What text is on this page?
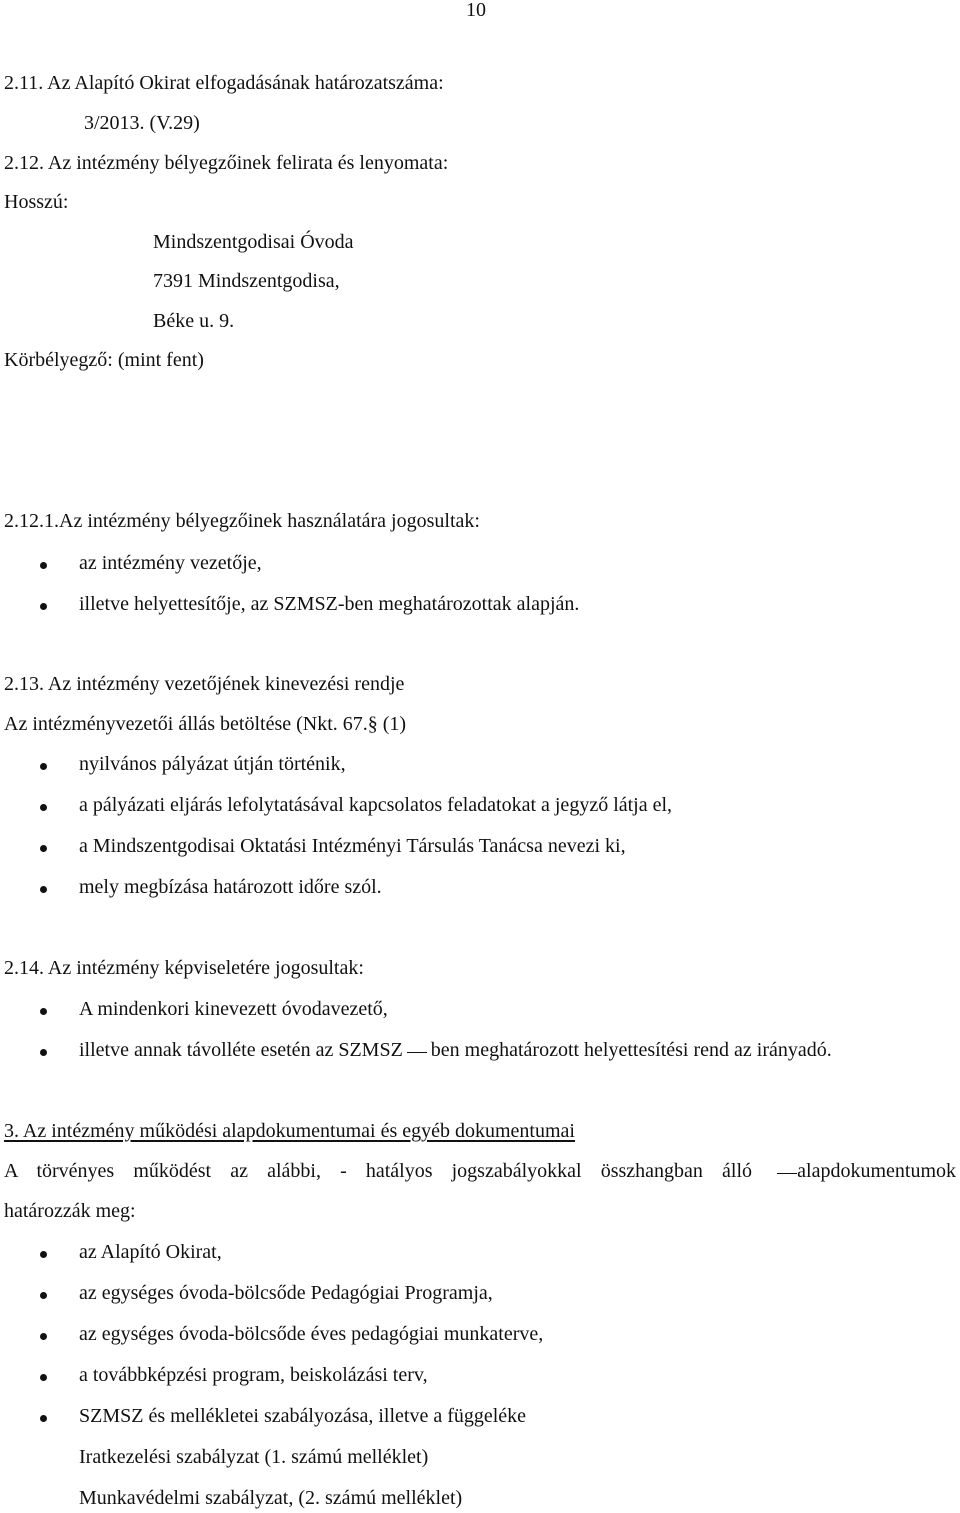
10
2.11. Az Alapító Okirat elfogadásának határozatszáma:
3/2013. (V.29)
2.12. Az intézmény bélyegzőinek felirata és lenyomata:
Hosszú:
Mindszentgodisai Óvoda
7391 Mindszentgodisa,
Béke u. 9.
Körbélyegző: (mint fent)
2.12.1.Az intézmény bélyegzőinek használatára jogosultak:
az intézmény vezetője,
illetve helyettesítője, az SZMSZ-ben meghatározottak alapján.
2.13. Az intézmény vezetőjének kinevezési rendje
Az intézményvezetői állás betöltése (Nkt. 67.§ (1)
nyilvános pályázat útján történik,
a pályázati eljárás lefolytatásával kapcsolatos feladatokat a jegyző látja el,
a Mindszentgodisai Oktatási Intézményi Társulás Tanácsa nevezi ki,
mely megbízása határozott időre szól.
2.14. Az intézmény képviseletére jogosultak:
A mindenkori kinevezett óvodavezető,
illetve annak távolléte esetén az SZMSZ ben meghatározott helyettesítési rend az irányadó.
3. Az intézmény működési alapdokumentumai és egyéb dokumentumai
A törvényes működést az alábbi, - hatályos jogszabályokkal összhangban álló alapdokumentumok
határozzák meg:
az Alapító Okirat,
az egységes óvoda-bölcsőde Pedagógiai Programja,
az egységes óvoda-bölcsőde éves pedagógiai munkaterve,
a továbbképzési program, beiskolázási terv,
SZMSZ és mellékletei szabályozása, illetve a függeléke
Iratkezelési szabályzat (1. számú melléklet)
Munkavédelmi szabályzat, (2. számú melléklet)
